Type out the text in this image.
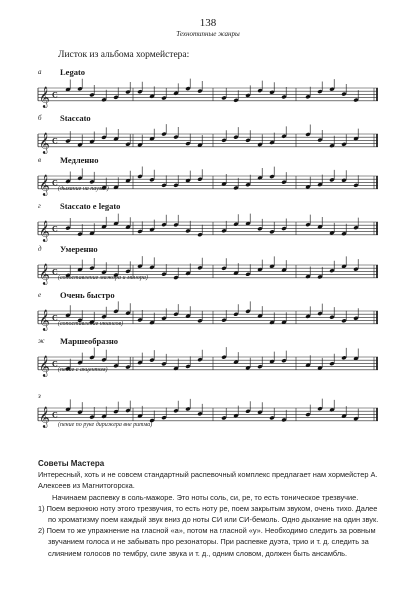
138
Технотипные жанры
Листок из альбома хормейстера:
а Legato
𝄞 C
б Staccato
𝄞 C
в Медленно
𝄞 C
(дыхание на паузах)
г Staccato e legato
𝄞 C
д Умеренно
𝄞 C
(сопоставление мажора и минора)
е Очень быстро
𝄞 C
(сопоставление нюансов)
ж Маршеобразно
𝄞 C
(пение с акцентом)
з
𝄞 C
(пение по руке дирижера вне ритма)

Советы Мастера

Интересный, хоть и не совсем стандартный распевочный комплекс предлагает нам хормейстер А. Алексеев из Магнитогорска.

Начинаем распевку в соль-мажоре. Это ноты соль, си, ре, то есть тоническое трезвучие.

1) Поем верхнюю ноту этого трезвучия, то есть ноту ре, поем закрытым звуком, очень тихо. Далее по хроматизму поем каждый звук вниз до ноты СИ или СИ-бемоль. Одно дыхание на один звук.

2) Поем то же упражнение на гласной «а», потом на гласной «у». Необходимо следить за ровным звучанием голоса и не забывать про резонаторы. При распевке дуэта, трио и т. д. следить за слиянием голосов по тембру, силе звука и т. д., одним словом, должен быть ансамбль.
